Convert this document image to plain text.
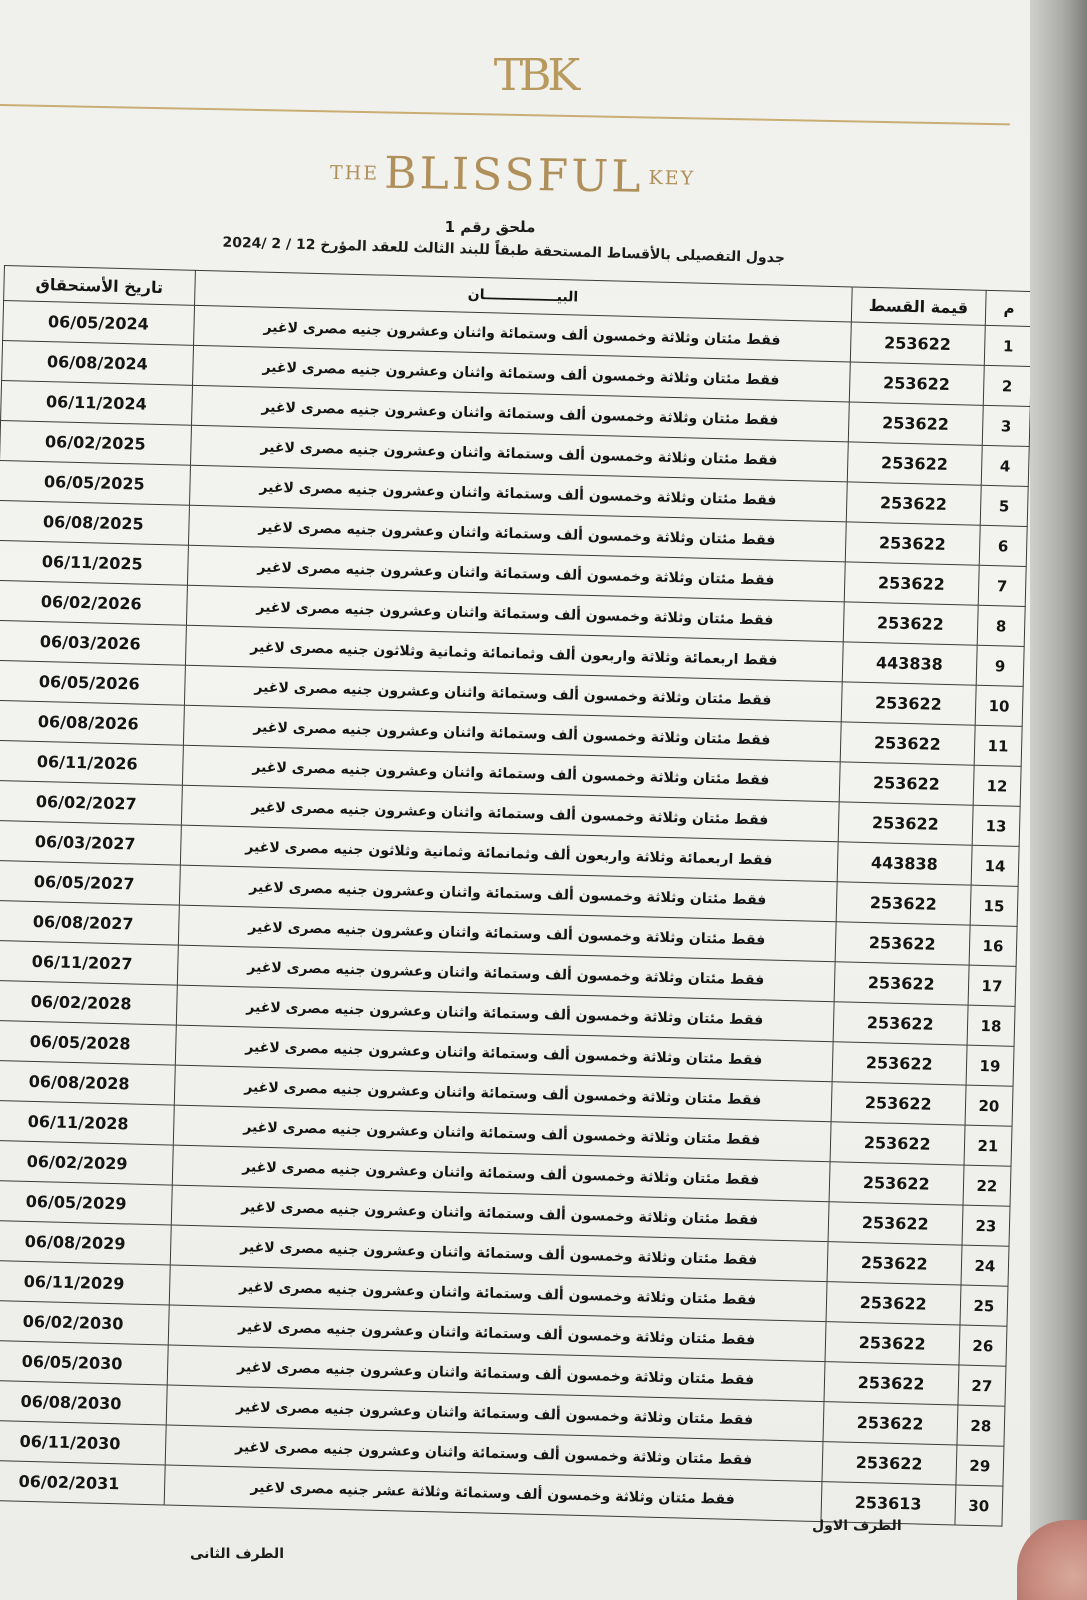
TBK
THE BLISSFUL KEY
ملحق رقم 1
جدول التفصيلى بالأقساط المستحقة طبقاً للبند الثالث للعقد المؤرخ 12 / 2 /2024
تاريخ الأستحقاق	البيـــــــــــــــان	قيمة القسط	م
06/05/2024	فقط مئتان وثلاثة وخمسون ألف وستمائة واثنان وعشرون جنيه مصرى لاغير	253622	1
06/08/2024	فقط مئتان وثلاثة وخمسون ألف وستمائة واثنان وعشرون جنيه مصرى لاغير	253622	2
06/11/2024	فقط مئتان وثلاثة وخمسون ألف وستمائة واثنان وعشرون جنيه مصرى لاغير	253622	3
06/02/2025	فقط مئتان وثلاثة وخمسون ألف وستمائة واثنان وعشرون جنيه مصرى لاغير	253622	4
06/05/2025	فقط مئتان وثلاثة وخمسون ألف وستمائة واثنان وعشرون جنيه مصرى لاغير	253622	5
06/08/2025	فقط مئتان وثلاثة وخمسون ألف وستمائة واثنان وعشرون جنيه مصرى لاغير	253622	6
06/11/2025	فقط مئتان وثلاثة وخمسون ألف وستمائة واثنان وعشرون جنيه مصرى لاغير	253622	7
06/02/2026	فقط مئتان وثلاثة وخمسون ألف وستمائة واثنان وعشرون جنيه مصرى لاغير	253622	8
06/03/2026	فقط اربعمائة وثلاثة واربعون ألف وثمانمائة وثمانية وثلاثون جنيه مصرى لاغير	443838	9
06/05/2026	فقط مئتان وثلاثة وخمسون ألف وستمائة واثنان وعشرون جنيه مصرى لاغير	253622	10
06/08/2026	فقط مئتان وثلاثة وخمسون ألف وستمائة واثنان وعشرون جنيه مصرى لاغير	253622	11
06/11/2026	فقط مئتان وثلاثة وخمسون ألف وستمائة واثنان وعشرون جنيه مصرى لاغير	253622	12
06/02/2027	فقط مئتان وثلاثة وخمسون ألف وستمائة واثنان وعشرون جنيه مصرى لاغير	253622	13
06/03/2027	فقط اربعمائة وثلاثة واربعون ألف وثمانمائة وثمانية وثلاثون جنيه مصرى لاغير	443838	14
06/05/2027	فقط مئتان وثلاثة وخمسون ألف وستمائة واثنان وعشرون جنيه مصرى لاغير	253622	15
06/08/2027	فقط مئتان وثلاثة وخمسون ألف وستمائة واثنان وعشرون جنيه مصرى لاغير	253622	16
06/11/2027	فقط مئتان وثلاثة وخمسون ألف وستمائة واثنان وعشرون جنيه مصرى لاغير	253622	17
06/02/2028	فقط مئتان وثلاثة وخمسون ألف وستمائة واثنان وعشرون جنيه مصرى لاغير	253622	18
06/05/2028	فقط مئتان وثلاثة وخمسون ألف وستمائة واثنان وعشرون جنيه مصرى لاغير	253622	19
06/08/2028	فقط مئتان وثلاثة وخمسون ألف وستمائة واثنان وعشرون جنيه مصرى لاغير	253622	20
06/11/2028	فقط مئتان وثلاثة وخمسون ألف وستمائة واثنان وعشرون جنيه مصرى لاغير	253622	21
06/02/2029	فقط مئتان وثلاثة وخمسون ألف وستمائة واثنان وعشرون جنيه مصرى لاغير	253622	22
06/05/2029	فقط مئتان وثلاثة وخمسون ألف وستمائة واثنان وعشرون جنيه مصرى لاغير	253622	23
06/08/2029	فقط مئتان وثلاثة وخمسون ألف وستمائة واثنان وعشرون جنيه مصرى لاغير	253622	24
06/11/2029	فقط مئتان وثلاثة وخمسون ألف وستمائة واثنان وعشرون جنيه مصرى لاغير	253622	25
06/02/2030	فقط مئتان وثلاثة وخمسون ألف وستمائة واثنان وعشرون جنيه مصرى لاغير	253622	26
06/05/2030	فقط مئتان وثلاثة وخمسون ألف وستمائة واثنان وعشرون جنيه مصرى لاغير	253622	27
06/08/2030	فقط مئتان وثلاثة وخمسون ألف وستمائة واثنان وعشرون جنيه مصرى لاغير	253622	28
06/11/2030	فقط مئتان وثلاثة وخمسون ألف وستمائة واثنان وعشرون جنيه مصرى لاغير	253622	29
06/02/2031	فقط مئتان وثلاثة وخمسون ألف وستمائة وثلاثة عشر جنيه مصرى لاغير	253613	30
الطرف الاول
الطرف الثانى
